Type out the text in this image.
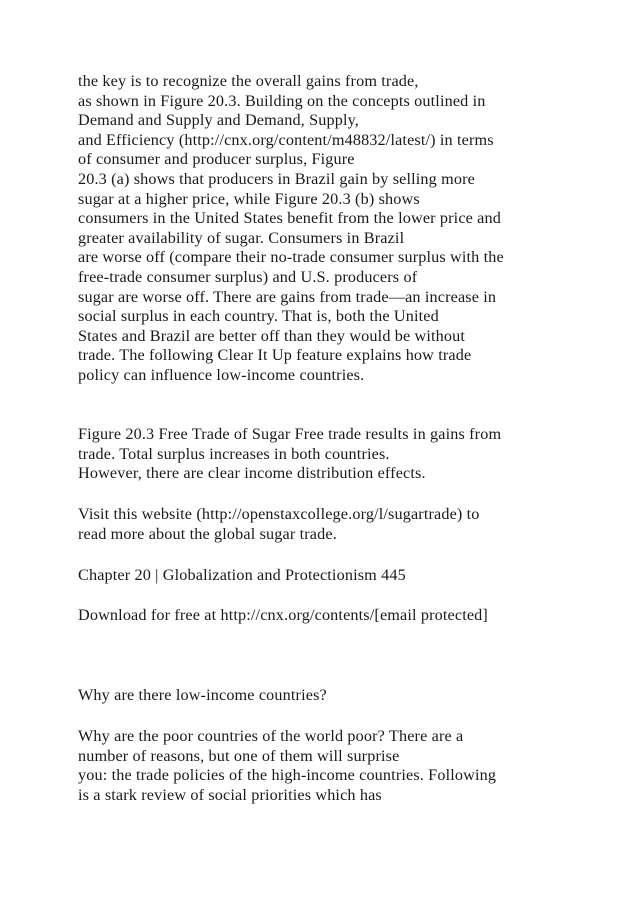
the key is to recognize the overall gains from trade,
as shown in Figure 20.3. Building on the concepts outlined in
Demand and Supply and Demand, Supply,
and Efficiency (http://cnx.org/content/m48832/latest/) in terms
of consumer and producer surplus, Figure
20.3 (a) shows that producers in Brazil gain by selling more
sugar at a higher price, while Figure 20.3 (b) shows
consumers in the United States benefit from the lower price and
greater availability of sugar. Consumers in Brazil
are worse off (compare their no-trade consumer surplus with the
free-trade consumer surplus) and U.S. producers of
sugar are worse off. There are gains from trade—an increase in
social surplus in each country. That is, both the United
States and Brazil are better off than they would be without
trade. The following Clear It Up feature explains how trade
policy can influence low-income countries.

Figure 20.3 Free Trade of Sugar Free trade results in gains from
trade. Total surplus increases in both countries.
However, there are clear income distribution effects.

Visit this website (http://openstaxcollege.org/l/sugartrade) to
read more about the global sugar trade.

Chapter 20 | Globalization and Protectionism 445

Download for free at http://cnx.org/contents/[email protected]

Why are there low-income countries?

Why are the poor countries of the world poor? There are a
number of reasons, but one of them will surprise
you: the trade policies of the high-income countries. Following
is a stark review of social priorities which has
